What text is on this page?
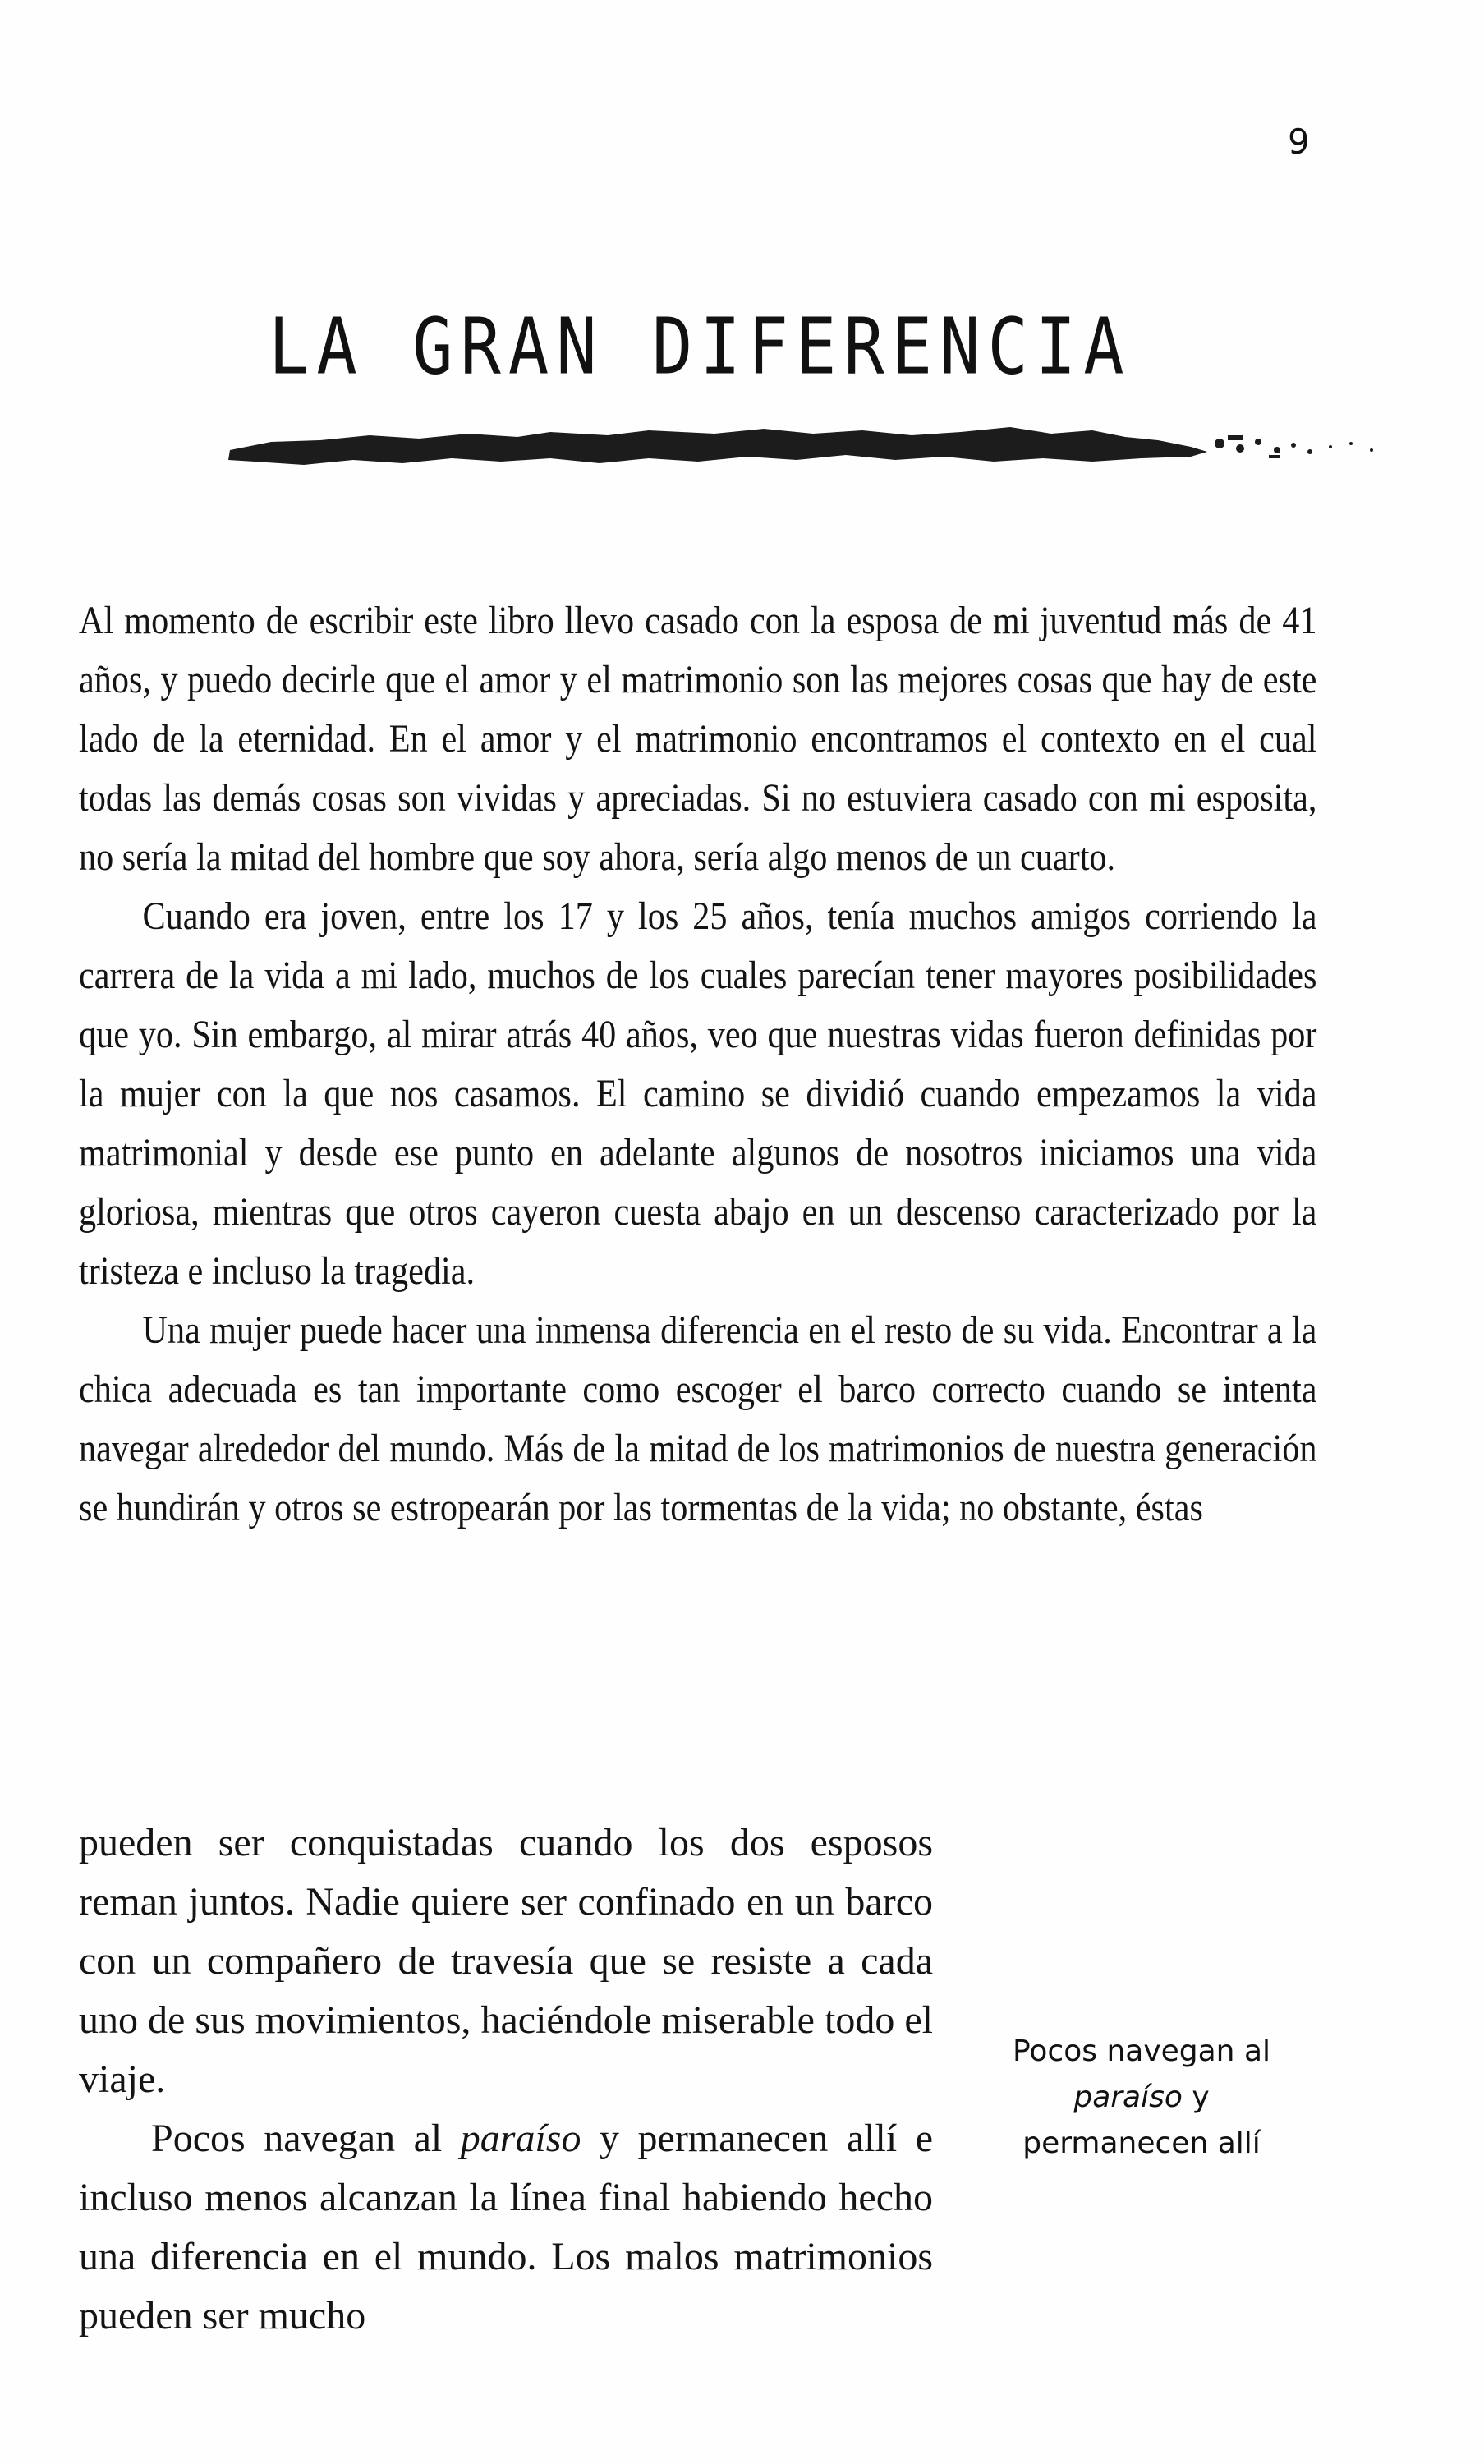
9
LA GRAN DIFERENCIA

Al momento de escribir este libro llevo casado con la esposa de mi juventud más de 41 años, y puedo decirle que el amor y el matrimonio son las mejores cosas que hay de este lado de la eternidad. En el amor y el matrimonio encontramos el contexto en el cual todas las demás cosas son vividas y apreciadas. Si no estuviera casado con mi esposita, no sería la mitad del hombre que soy ahora, sería algo menos de un cuarto.

Cuando era joven, entre los 17 y los 25 años, tenía muchos amigos corriendo la carrera de la vida a mi lado, muchos de los cuales parecían tener mayores posibilidades que yo. Sin embargo, al mirar atrás 40 años, veo que nuestras vidas fueron definidas por la mujer con la que nos casamos. El camino se dividió cuando empezamos la vida matrimonial y desde ese punto en adelante algunos de nosotros iniciamos una vida gloriosa, mientras que otros cayeron cuesta abajo en un descenso caracterizado por la tristeza e incluso la tragedia.

Una mujer puede hacer una inmensa diferencia en el resto de su vida. Encontrar a la chica adecuada es tan importante como escoger el barco correcto cuando se intenta navegar alrededor del mundo. Más de la mitad de los matrimonios de nuestra generación se hundirán y otros se estropearán por las tormentas de la vida; no obstante, éstas

pueden ser conquistadas cuando los dos esposos reman juntos. Nadie quiere ser confinado en un barco con un compañero de travesía que se resiste a cada uno de sus movimientos, haciéndole miserable todo el viaje.

Pocos navegan al paraíso y permanecen allí e incluso menos alcanzan la línea final habiendo hecho una diferencia en el mundo. Los malos matrimonios pueden ser mucho

Pocos navegan al paraíso y permanecen allí
